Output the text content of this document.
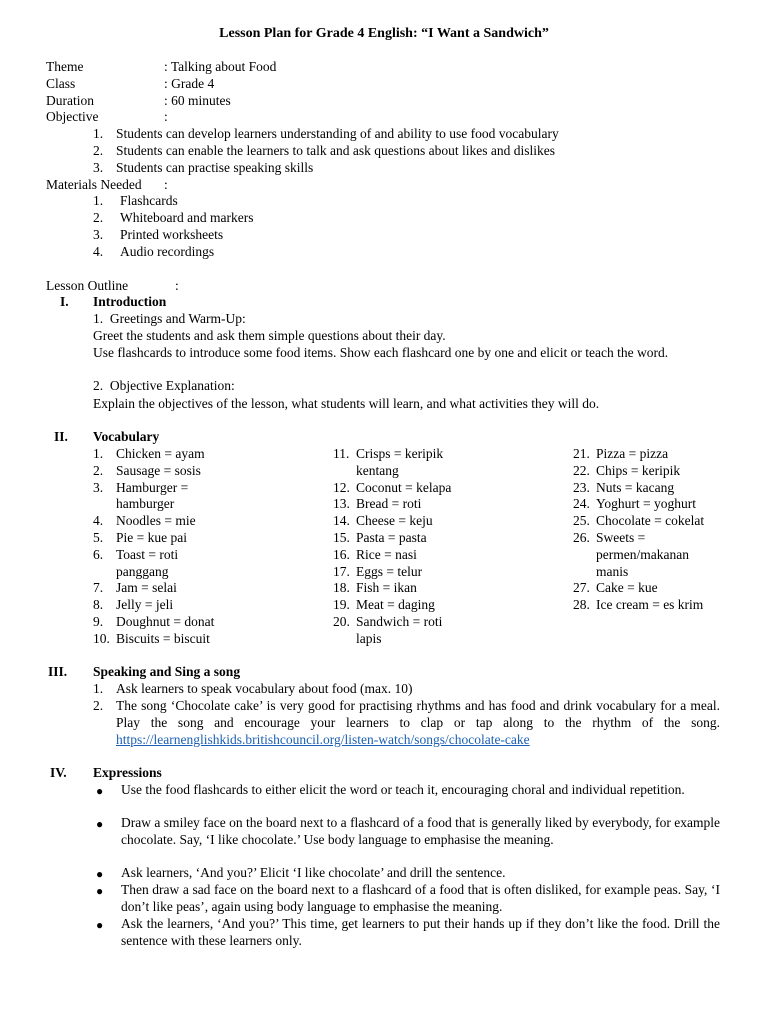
Lesson Plan for Grade 4 English: “I Want a Sandwich”
Theme	: Talking about Food
Class	: Grade 4
Duration	: 60 minutes
Objective	:
1. Students can develop learners understanding of and ability to use food vocabulary
2. Students can enable the learners to talk and ask questions about likes and dislikes
3. Students can practise speaking skills
Materials Needed :
1. Flashcards
2. Whiteboard and markers
3. Printed worksheets
4. Audio recordings
Lesson Outline	:
I. Introduction
1.  Greetings and Warm-Up:
Greet the students and ask them simple questions about their day.
Use flashcards to introduce some food items. Show each flashcard one by one and elicit or teach the word.
2.  Objective Explanation:
Explain the objectives of the lesson, what students will learn, and what activities they will do.
II. Vocabulary
1. Chicken = ayam
2. Sausage = sosis
3. Hamburger = hamburger
4. Noodles = mie
5. Pie = kue pai
6. Toast = roti panggang
7. Jam = selai
8. Jelly = jeli
9. Doughnut = donat
10. Biscuits = biscuit
11. Crisps = keripik kentang
12. Coconut = kelapa
13. Bread = roti
14. Cheese = keju
15. Pasta = pasta
16. Rice = nasi
17. Eggs = telur
18. Fish = ikan
19. Meat = daging
20. Sandwich = roti lapis
21. Pizza = pizza
22. Chips = keripik
23. Nuts = kacang
24. Yoghurt = yoghurt
25. Chocolate = cokelat
26. Sweets = permen/makanan manis
27. Cake = kue
28. Ice cream = es krim
III. Speaking and Sing a song
1. Ask learners to speak vocabulary about food (max. 10)
2. The song ‘Chocolate cake’ is very good for practising rhythms and has food and drink vocabulary for a meal. Play the song and encourage your learners to clap or tap along to the rhythm of the song. https://learnenglishkids.britishcouncil.org/listen-watch/songs/chocolate-cake
IV. Expressions
● Use the food flashcards to either elicit the word or teach it, encouraging choral and individual repetition.
● Draw a smiley face on the board next to a flashcard of a food that is generally liked by everybody, for example chocolate. Say, ‘I like chocolate.’ Use body language to emphasise the meaning.
● Ask learners, ‘And you?’ Elicit ‘I like chocolate’ and drill the sentence.
● Then draw a sad face on the board next to a flashcard of a food that is often disliked, for example peas. Say, ‘I don’t like peas’, again using body language to emphasise the meaning.
● Ask the learners, ‘And you?’ This time, get learners to put their hands up if they don’t like the food. Drill the sentence with these learners only.
